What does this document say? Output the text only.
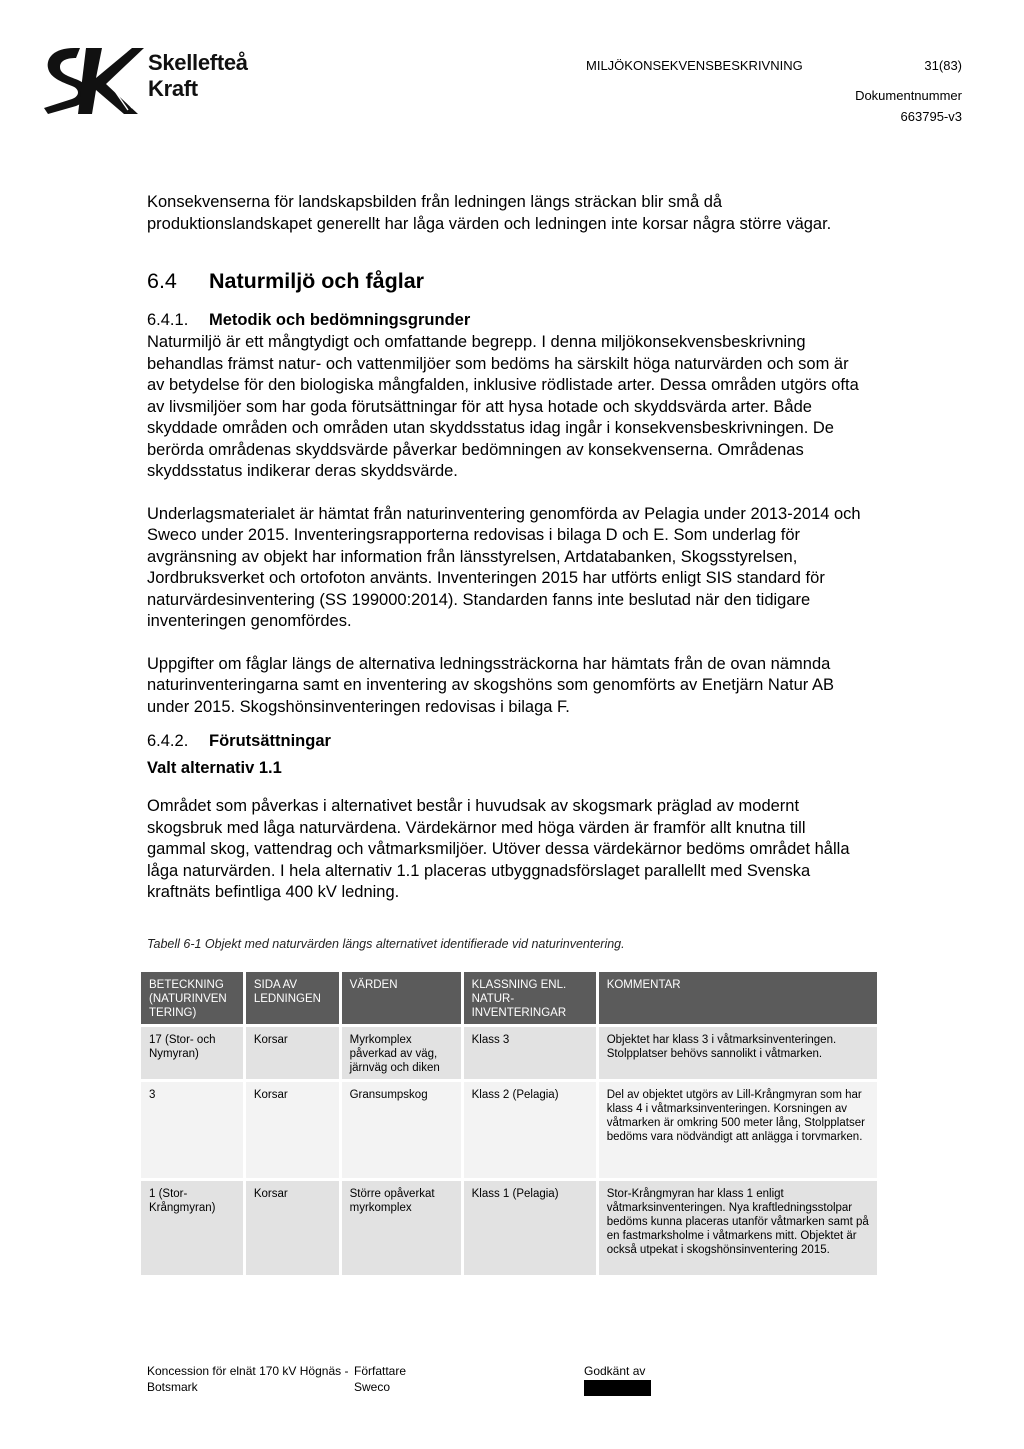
Skellefteå
Kraft
MILJÖKONSEKVENSBESKRIVNING	31(83)
Dokumentnummer
663795-v3

Konsekvenserna för landskapsbilden från ledningen längs sträckan blir små då produktionslandskapet generellt har låga värden och ledningen inte korsar några större vägar.

6.4 Naturmiljö och fåglar
6.4.1. Metodik och bedömningsgrunder

Naturmiljö är ett mångtydigt och omfattande begrepp. I denna miljökonsekvensbeskrivning behandlas främst natur- och vattenmiljöer som bedöms ha särskilt höga naturvärden och som är av betydelse för den biologiska mångfalden, inklusive rödlistade arter. Dessa områden utgörs ofta av livsmiljöer som har goda förutsättningar för att hysa hotade och skyddsvärda arter. Både skyddade områden och områden utan skyddsstatus idag ingår i konsekvensbeskrivningen. De berörda områdenas skyddsvärde påverkar bedömningen av konsekvenserna. Områdenas skyddsstatus indikerar deras skyddsvärde.

Underlagsmaterialet är hämtat från naturinventering genomförda av Pelagia under 2013-2014 och Sweco under 2015. Inventeringsrapporterna redovisas i bilaga D och E. Som underlag för avgränsning av objekt har information från länsstyrelsen, Artdatabanken, Skogsstyrelsen, Jordbruksverket och ortofoton använts. Inventeringen 2015 har utförts enligt SIS standard för naturvärdesinventering (SS 199000:2014). Standarden fanns inte beslutad när den tidigare inventeringen genomfördes.

Uppgifter om fåglar längs de alternativa ledningssträckorna har hämtats från de ovan nämnda naturinventeringarna samt en inventering av skogshöns som genomförts av Enetjärn Natur AB under 2015. Skogshönsinventeringen redovisas i bilaga F.

6.4.2. Förutsättningar
Valt alternativ 1.1

Området som påverkas i alternativet består i huvudsak av skogsmark präglad av modernt skogsbruk med låga naturvärdena. Värdekärnor med höga värden är framför allt knutna till gammal skog, vattendrag och våtmarksmiljöer. Utöver dessa värdekärnor bedöms området hålla låga naturvärden. I hela alternativ 1.1 placeras utbyggnadsförslaget parallellt med Svenska kraftnäts befintliga 400 kV ledning.

Tabell 6-1 Objekt med naturvärden längs alternativet identifierade vid naturinventering.
BETECKNING (NATURINVEN TERING)	SIDA AV LEDNINGEN	VÄRDEN	KLASSNING ENL. NATUR-INVENTERINGAR	KOMMENTAR
17 (Stor- och Nymyran)	Korsar	Myrkomplex påverkad av väg, järnväg och diken	Klass 3	Objektet har klass 3 i våtmarksinventeringen. Stolpplatser behövs sannolikt i våtmarken.
3	Korsar	Gransumpskog	Klass 2 (Pelagia)	Del av objektet utgörs av Lill-Krångmyran som har klass 4 i våtmarksinventeringen. Korsningen av våtmarken är omkring 500 meter lång, Stolpplatser bedöms vara nödvändigt att anlägga i torvmarken.
1 (Stor-Krångmyran)	Korsar	Större opåverkat myrkomplex	Klass 1 (Pelagia)	Stor-Krångmyran har klass 1 enligt våtmarksinventeringen. Nya kraftledningsstolpar bedöms kunna placeras utanför våtmarken samt på en fastmarksholme i våtmarkens mitt. Objektet är också utpekat i skogshönsinventering 2015.
Koncession för elnät 170 kV Högnäs -
Botsmark
Författare
Sweco
Godkänt av
